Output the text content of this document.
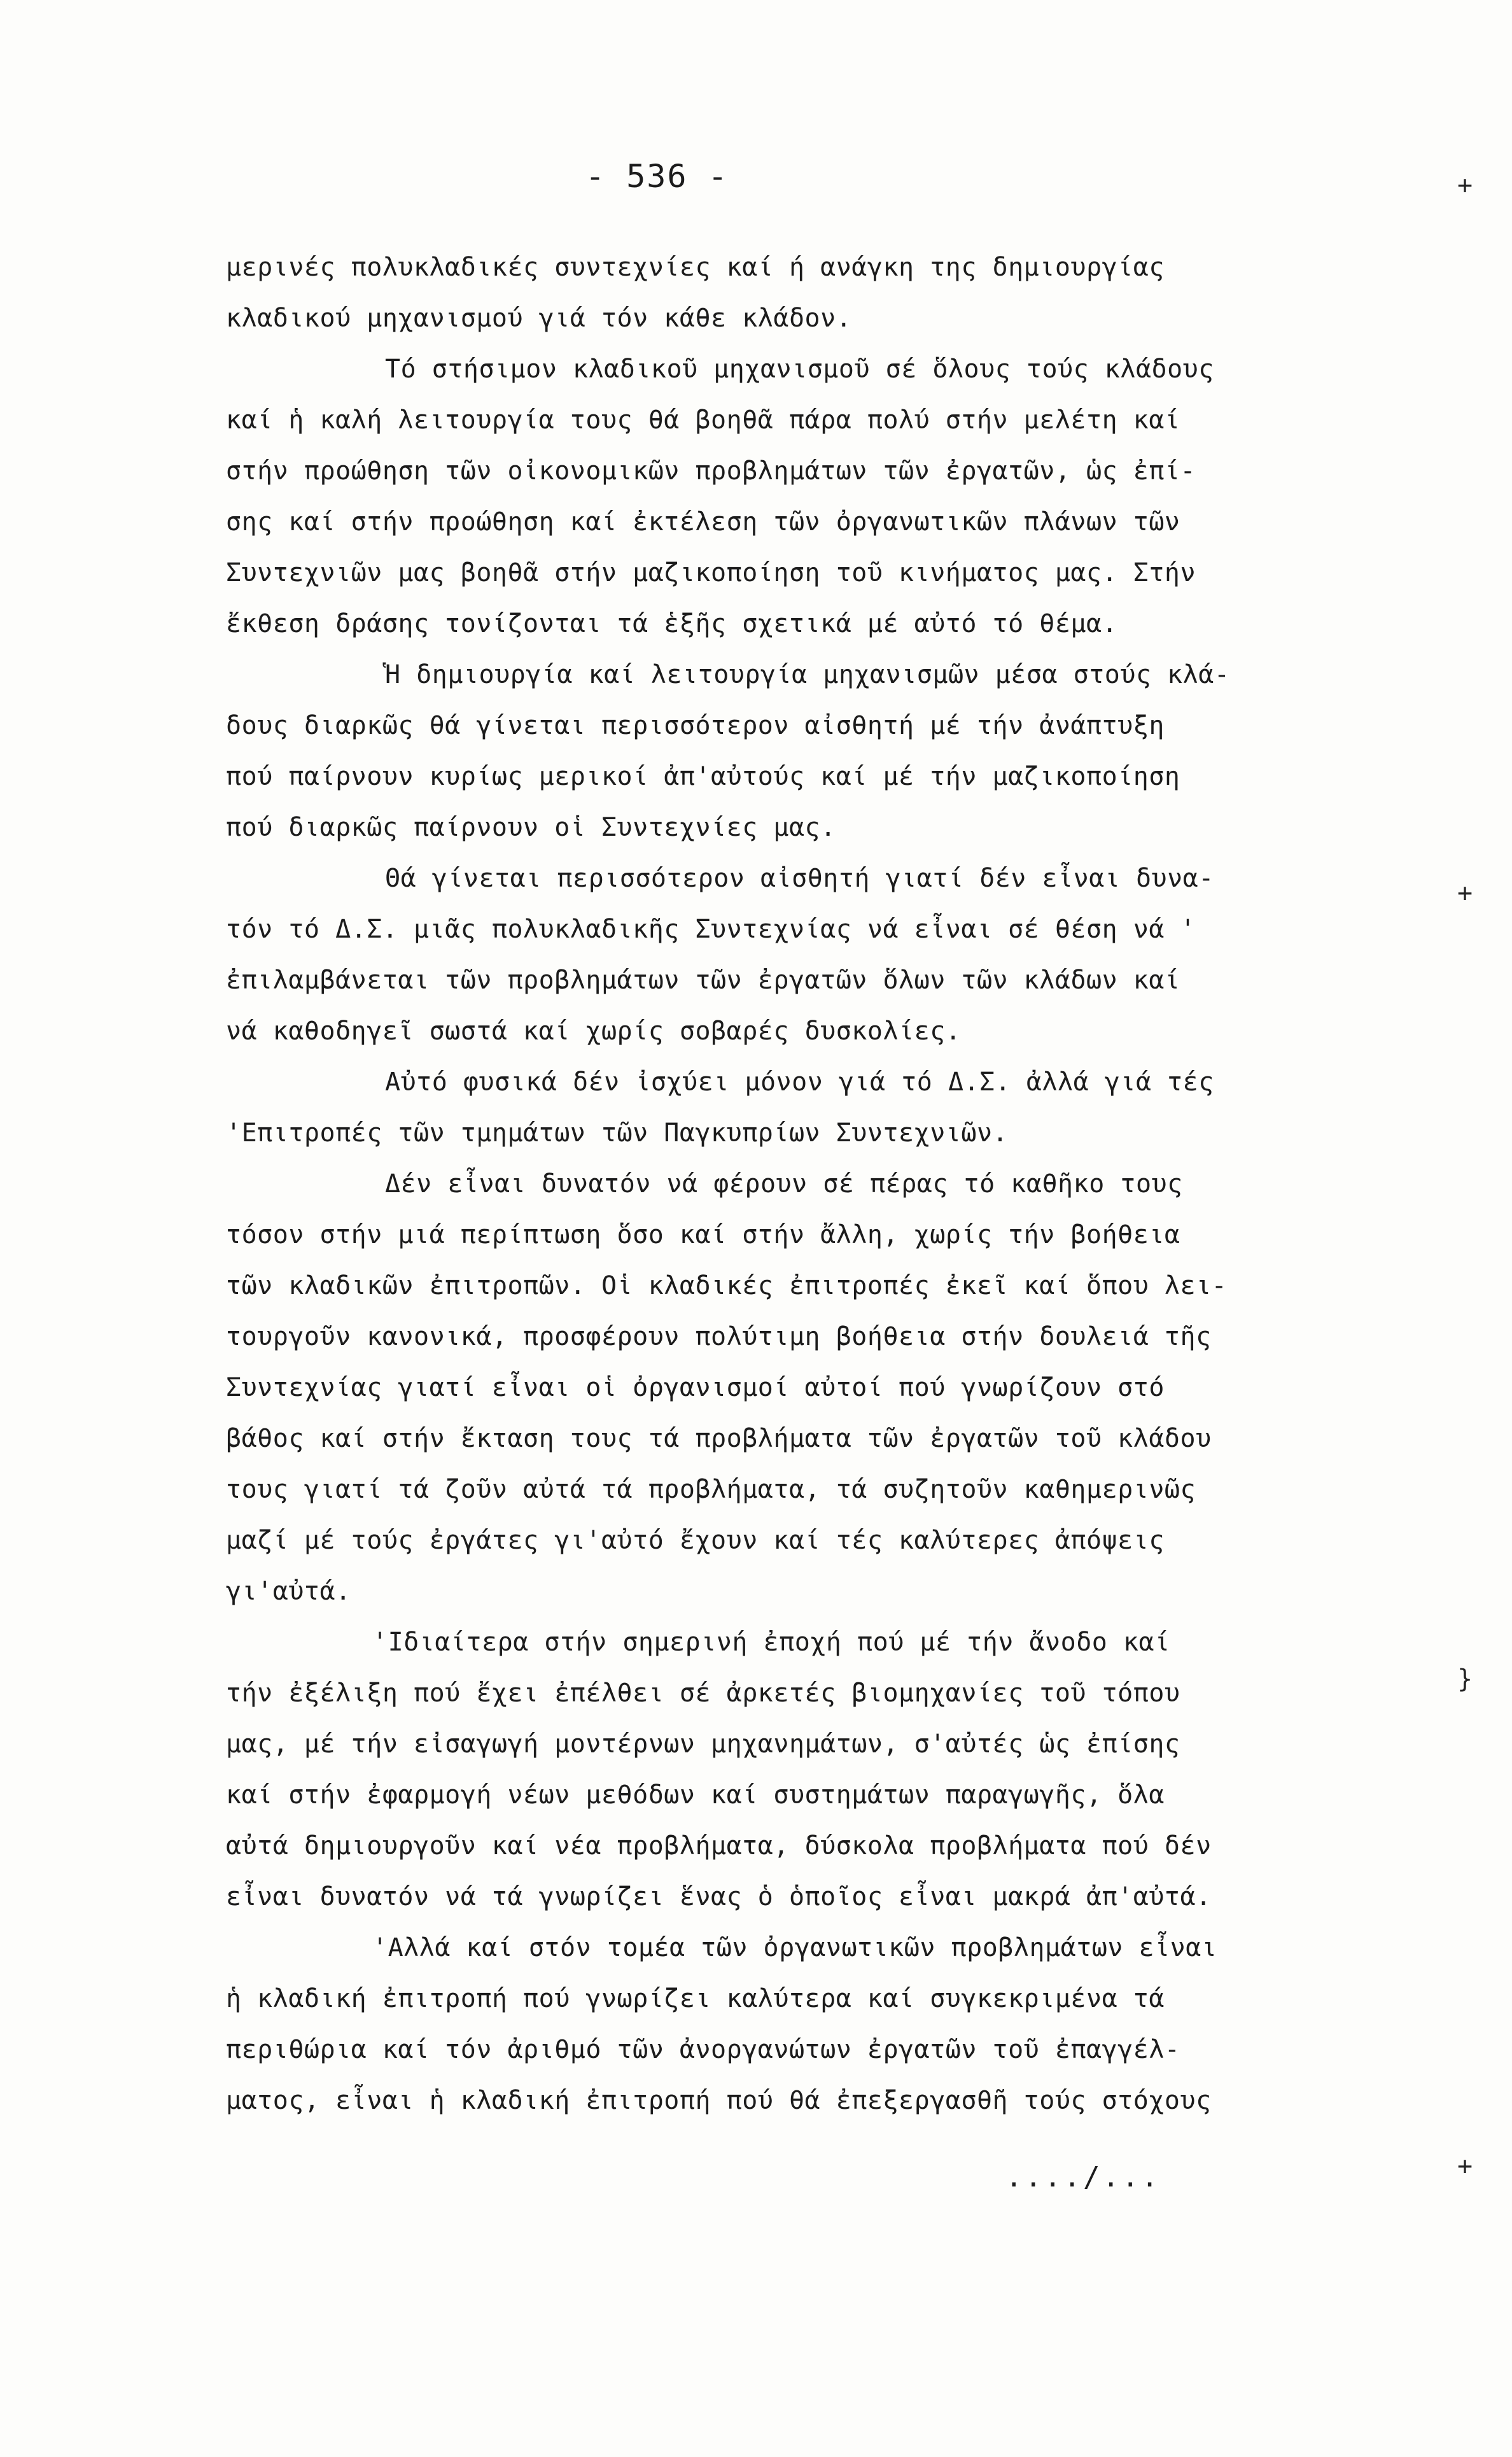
- 536 -	+
+
}
+
μερινές πολυκλαδικές συντεχνίες καί ή ανάγκη της δημιουργίας
κλαδικού μηχανισμού γιά τόν κάθε κλάδον.
Τό στήσιμον κλαδικοῦ μηχανισμοῦ σέ ὅλους τούς κλάδους
καί ἡ καλή λειτουργία τους θά βοηθᾶ πάρα πολύ στήν μελέτη καί
στήν προώθηση τῶν οἰκονομικῶν προβλημάτων τῶν ἐργατῶν, ὡς ἐπί-
σης καί στήν προώθηση καί ἐκτέλεση τῶν ὀργανωτικῶν πλάνων τῶν
Συντεχνιῶν μας βοηθᾶ στήν μαζικοποίηση τοῦ κινήματος μας. Στήν
ἔκθεση δράσης τονίζονται τά ἑξῆς σχετικά μέ αὐτό τό θέμα.
Ἡ δημιουργία καί λειτουργία μηχανισμῶν μέσα στούς κλά-
δους διαρκῶς θά γίνεται περισσότερον αἰσθητή μέ τήν ἀνάπτυξη
πού παίρνουν κυρίως μερικοί ἀπ'αὐτούς καί μέ τήν μαζικοποίηση
πού διαρκῶς παίρνουν οἱ Συντεχνίες μας.
Θά γίνεται περισσότερον αἰσθητή γιατί δέν εἶναι δυνα-
τόν τό Δ.Σ. μιᾶς πολυκλαδικῆς Συντεχνίας νά εἶναι σέ θέση νά '
ἐπιλαμβάνεται τῶν προβλημάτων τῶν ἐργατῶν ὅλων τῶν κλάδων καί
νά καθοδηγεῖ σωστά καί χωρίς σοβαρές δυσκολίες.
Αὐτό φυσικά δέν ἰσχύει μόνον γιά τό Δ.Σ. ἀλλά γιά τές
'Επιτροπές τῶν τμημάτων τῶν Παγκυπρίων Συντεχνιῶν.
Δέν εἶναι δυνατόν νά φέρουν σέ πέρας τό καθῆκο τους
τόσον στήν μιά περίπτωση ὅσο καί στήν ἄλλη, χωρίς τήν βοήθεια
τῶν κλαδικῶν ἐπιτροπῶν. Οἱ κλαδικές ἐπιτροπές ἐκεῖ καί ὅπου λει-
τουργοῦν κανονικά, προσφέρουν πολύτιμη βοήθεια στήν δουλειά τῆς
Συντεχνίας γιατί εἶναι οἱ ὀργανισμοί αὐτοί πού γνωρίζουν στό
βάθος καί στήν ἔκταση τους τά προβλήματα τῶν ἐργατῶν τοῦ κλάδου
τους γιατί τά ζοῦν αὐτά τά προβλήματα, τά συζητοῦν καθημερινῶς
μαζί μέ τούς ἐργάτες γι'αὐτό ἔχουν καί τές καλύτερες ἀπόψεις
γι'αὐτά.
'Ιδιαίτερα στήν σημερινή ἐποχή πού μέ τήν ἄνοδο καί
τήν ἐξέλιξη πού ἔχει ἐπέλθει σέ ἀρκετές βιομηχανίες τοῦ τόπου
μας, μέ τήν εἰσαγωγή μοντέρνων μηχανημάτων, σ'αὐτές ὡς ἐπίσης
καί στήν ἐφαρμογή νέων μεθόδων καί συστημάτων παραγωγῆς, ὅλα
αὐτά δημιουργοῦν καί νέα προβλήματα, δύσκολα προβλήματα πού δέν
εἶναι δυνατόν νά τά γνωρίζει ἕνας ὁ ὁποῖος εἶναι μακρά ἀπ'αὐτά.
'Αλλά καί στόν τομέα τῶν ὀργανωτικῶν προβλημάτων εἶναι
ἡ κλαδική ἐπιτροπή πού γνωρίζει καλύτερα καί συγκεκριμένα τά
περιθώρια καί τόν ἀριθμό τῶν ἀνοργανώτων ἐργατῶν τοῦ ἐπαγγέλ-
ματος, εἶναι ἡ κλαδική ἐπιτροπή πού θά ἐπεξεργασθῆ τούς στόχους
..../...
